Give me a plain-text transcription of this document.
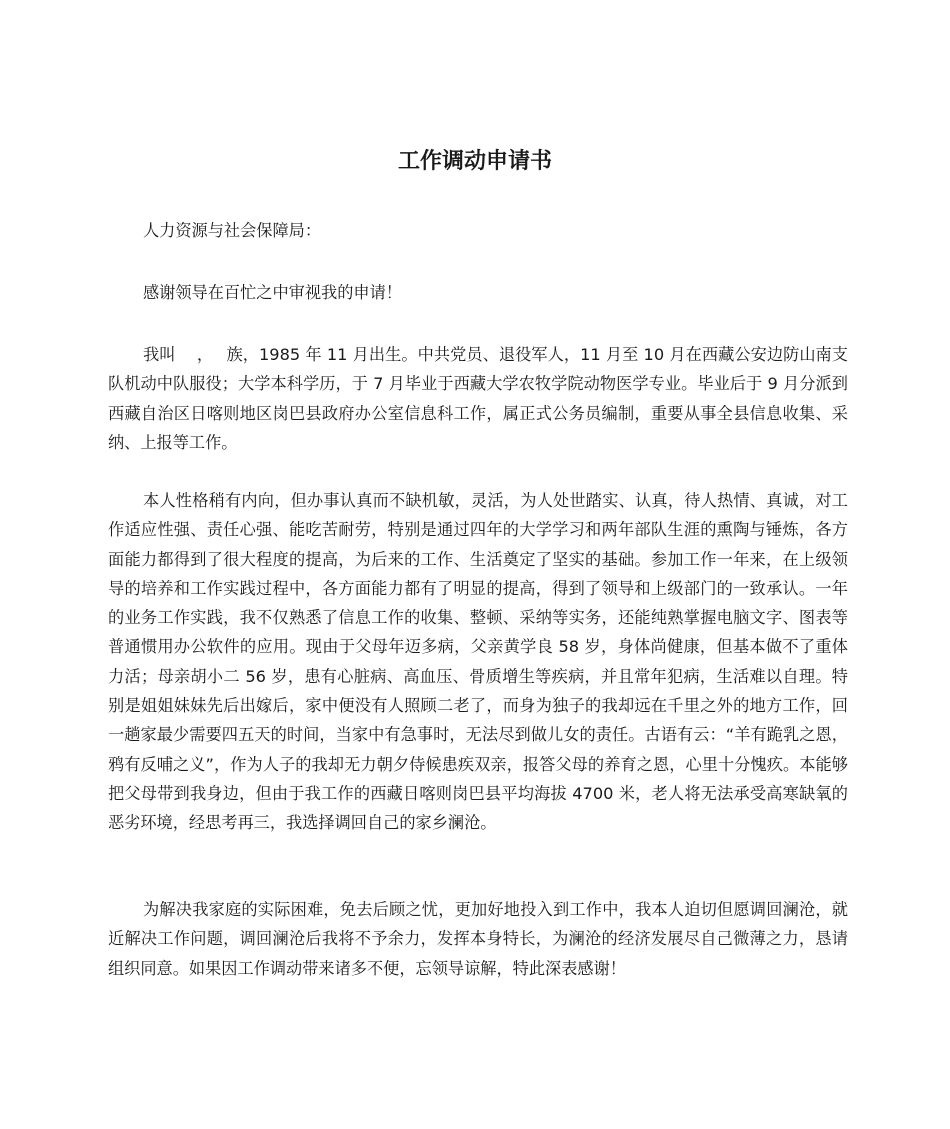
工作调动申请书

人力资源与社会保障局：

感谢领导在百忙之中审视我的申请！

我叫　 ，　 族，1985 年 11 月出生。中共党员、退役军人，11 月至 10 月在西藏公安边防山南支队机动中队服役；大学本科学历，于 7 月毕业于西藏大学农牧学院动物医学专业。毕业后于 9 月分派到西藏自治区日喀则地区岗巴县政府办公室信息科工作，属正式公务员编制，重要从事全县信息收集、采纳、上报等工作。

本人性格稍有内向，但办事认真而不缺机敏，灵活，为人处世踏实、认真，待人热情、真诚，对工作适应性强、责任心强、能吃苦耐劳，特别是通过四年的大学学习和两年部队生涯的熏陶与锤炼，各方面能力都得到了很大程度的提高，为后来的工作、生活奠定了坚实的基础。参加工作一年来，在上级领导的培养和工作实践过程中，各方面能力都有了明显的提高，得到了领导和上级部门的一致承认。一年的业务工作实践，我不仅熟悉了信息工作的收集、整顿、采纳等实务，还能纯熟掌握电脑文字、图表等普通惯用办公软件的应用。现由于父母年迈多病，父亲黄学良 58 岁，身体尚健康，但基本做不了重体力活；母亲胡小二 56 岁，患有心脏病、高血压、骨质增生等疾病，并且常年犯病，生活难以自理。特别是姐姐妹妹先后出嫁后，家中便没有人照顾二老了，而身为独子的我却远在千里之外的地方工作，回一趟家最少需要四五天的时间，当家中有急事时，无法尽到做儿女的责任。古语有云：“羊有跪乳之恩，鸦有反哺之义”，作为人子的我却无力朝夕侍候患疾双亲，报答父母的养育之恩，心里十分愧疚。本能够把父母带到我身边，但由于我工作的西藏日喀则岗巴县平均海拔 4700 米，老人将无法承受高寒缺氧的恶劣环境，经思考再三，我选择调回自己的家乡澜沧。

为解决我家庭的实际困难，免去后顾之忧，更加好地投入到工作中，我本人迫切但愿调回澜沧，就近解决工作问题，调回澜沧后我将不予余力，发挥本身特长，为澜沧的经济发展尽自己微薄之力，恳请组织同意。如果因工作调动带来诸多不便，忘领导谅解，特此深表感谢！
